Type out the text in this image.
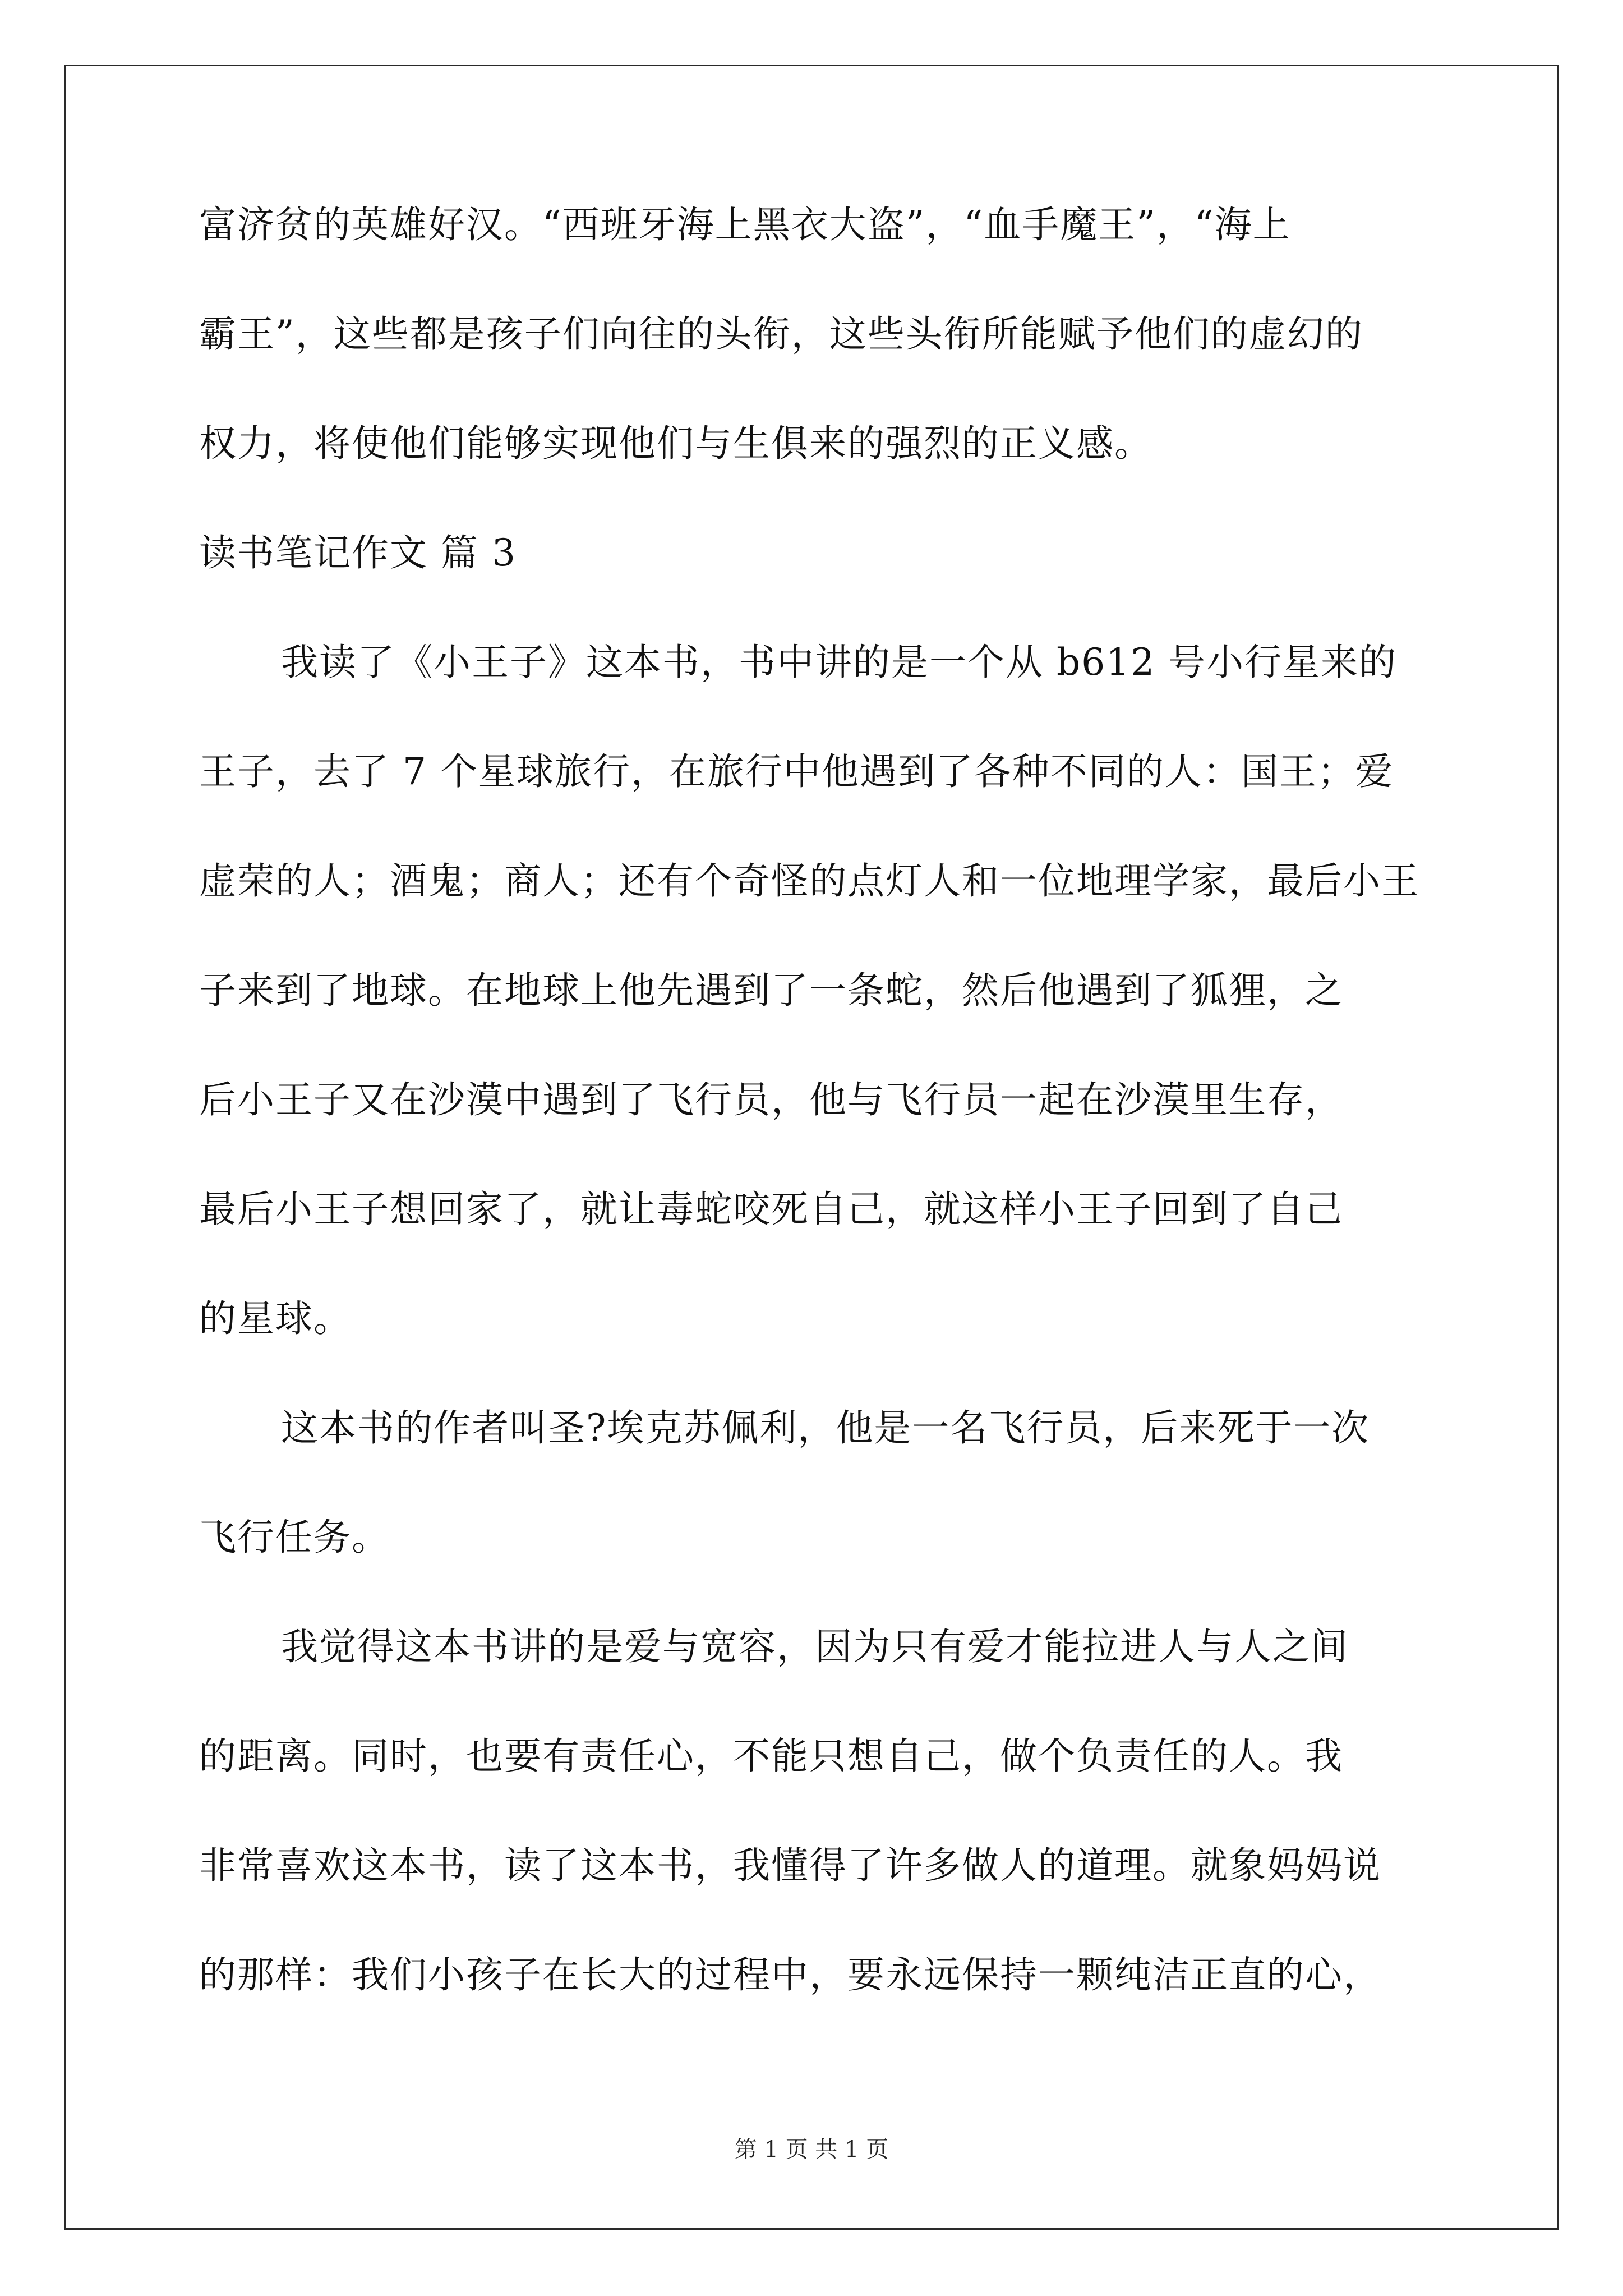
富济贫的英雄好汉。“西班牙海上黑衣大盗”，“血手魔王”，“海上
霸王”，这些都是孩子们向往的头衔，这些头衔所能赋予他们的虚幻的
权力，将使他们能够实现他们与生俱来的强烈的正义感。
读书笔记作文 篇 3
我读了《小王子》这本书，书中讲的是一个从 b612 号小行星来的
王子，去了 7 个星球旅行，在旅行中他遇到了各种不同的人：国王；爱
虚荣的人；酒鬼；商人；还有个奇怪的点灯人和一位地理学家，最后小王
子来到了地球。在地球上他先遇到了一条蛇，然后他遇到了狐狸，之
后小王子又在沙漠中遇到了飞行员，他与飞行员一起在沙漠里生存，
最后小王子想回家了，就让毒蛇咬死自己，就这样小王子回到了自己
的星球。
这本书的作者叫圣?埃克苏佩利，他是一名飞行员，后来死于一次
飞行任务。
我觉得这本书讲的是爱与宽容，因为只有爱才能拉进人与人之间
的距离。同时，也要有责任心，不能只想自己，做个负责任的人。我
非常喜欢这本书，读了这本书，我懂得了许多做人的道理。就象妈妈说
的那样：我们小孩子在长大的过程中，要永远保持一颗纯洁正直的心，
第 1 页 共 1 页
